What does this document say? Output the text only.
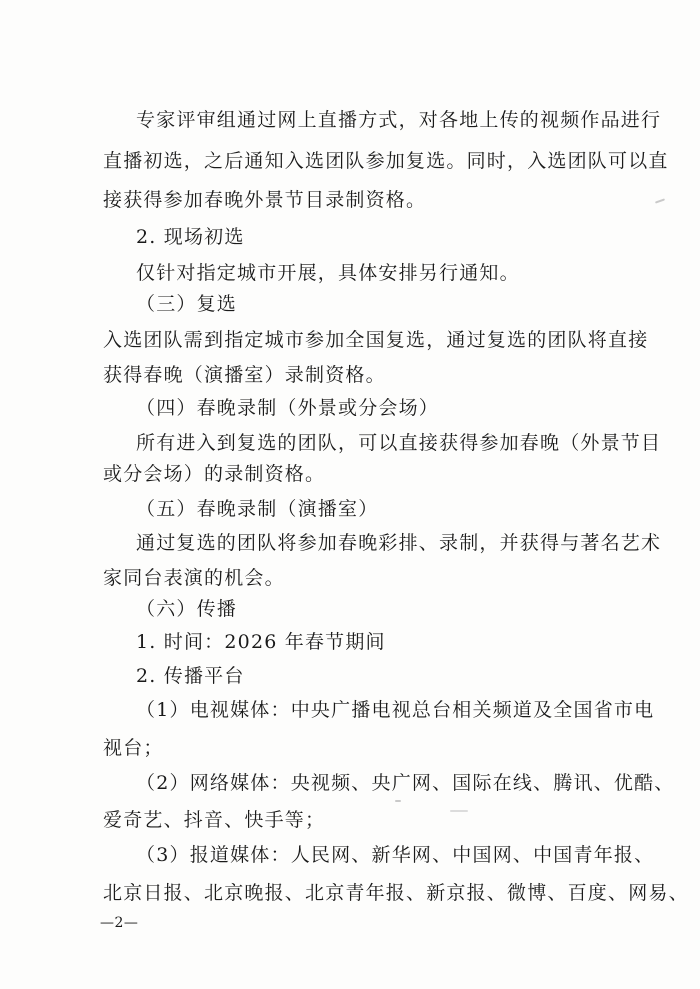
专家评审组通过网上直播方式，对各地上传的视频作品进行
直播初选，之后通知入选团队参加复选。同时，入选团队可以直
接获得参加春晚外景节目录制资格。
2. 现场初选
仅针对指定城市开展，具体安排另行通知。
（三）复选
入选团队需到指定城市参加全国复选，通过复选的团队将直接
获得春晚（演播室）录制资格。
（四）春晚录制（外景或分会场）
所有进入到复选的团队，可以直接获得参加春晚（外景节目
或分会场）的录制资格。
（五）春晚录制（演播室）
通过复选的团队将参加春晚彩排、录制，并获得与著名艺术
家同台表演的机会。
（六）传播
1. 时间：2026 年春节期间
2. 传播平台
（1）电视媒体：中央广播电视总台相关频道及全国省市电
视台；
（2）网络媒体：央视频、央广网、国际在线、腾讯、优酷、
爱奇艺、抖音、快手等；
（3）报道媒体：人民网、新华网、中国网、中国青年报、
北京日报、北京晚报、北京青年报、新京报、微博、百度、网易、
—2—
